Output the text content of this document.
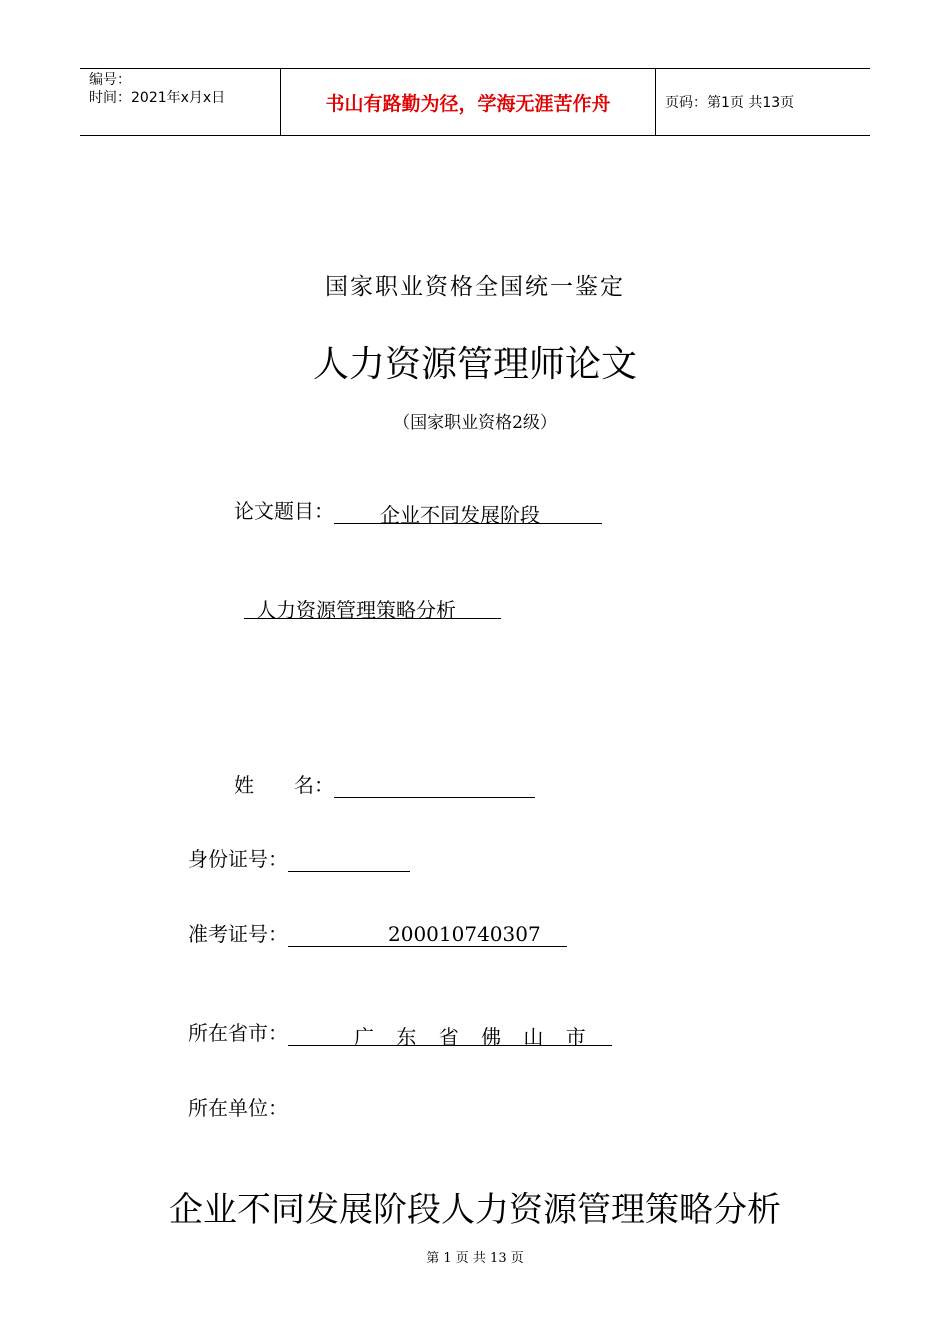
编号：
时间：2021年x月x日	书山有路勤为径，学海无涯苦作舟	页码：第1页 共13页
国家职业资格全国统一鉴定
人力资源管理师论文
（国家职业资格2级）
论文题目： 企业不同发展阶段
人力资源管理策略分析
姓　　名：
身份证号：
准考证号：	200010740307
所在省市：	广 东 省 佛 山 市
所在单位：
企业不同发展阶段人力资源管理策略分析
第 1 页 共 13 页
